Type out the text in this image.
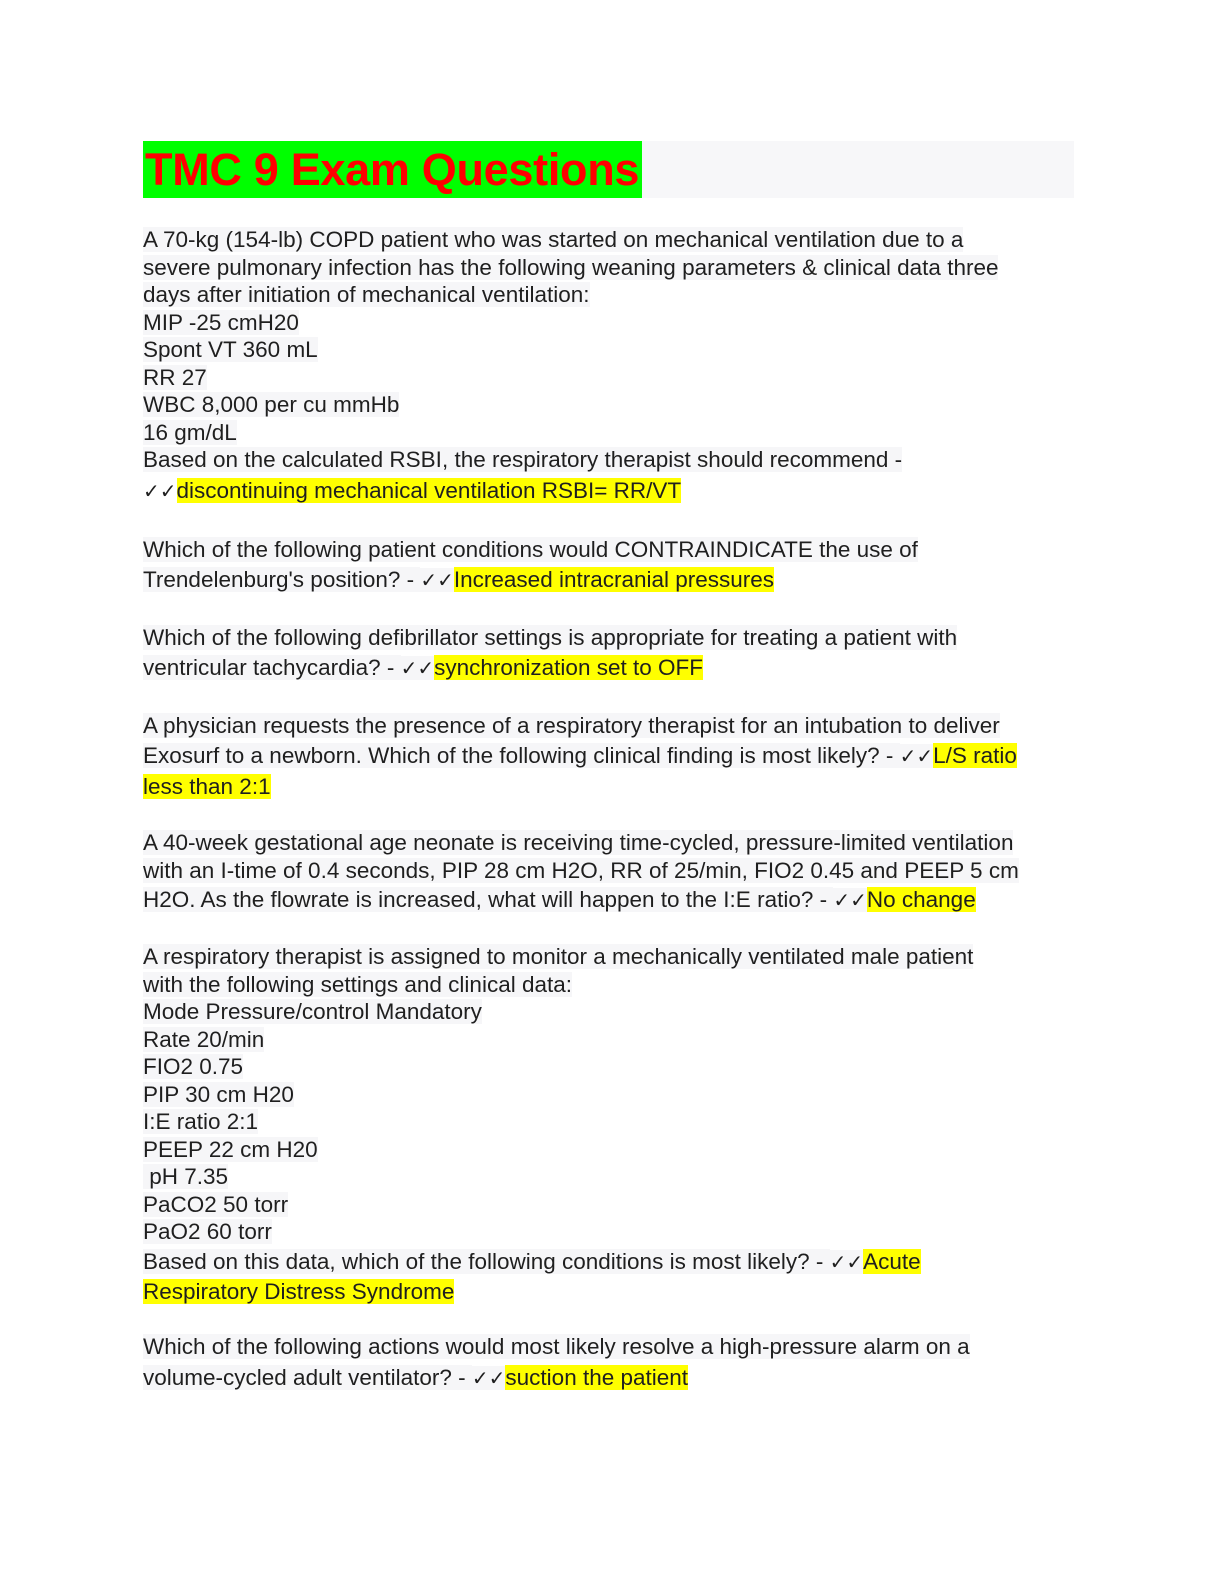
TMC 9 Exam Questions
A 70-kg (154-lb) COPD patient who was started on mechanical ventilation due to a
severe pulmonary infection has the following weaning parameters & clinical data three
days after initiation of mechanical ventilation:
MIP -25 cmH20
Spont VT 360 mL
RR 27
WBC 8,000 per cu mmHb
16 gm/dL
Based on the calculated RSBI, the respiratory therapist should recommend -
✓✓discontinuing mechanical ventilation RSBI= RR/VT
Which of the following patient conditions would CONTRAINDICATE the use of
Trendelenburg's position? - ✓✓Increased intracranial pressures
Which of the following defibrillator settings is appropriate for treating a patient with
ventricular tachycardia? - ✓✓synchronization set to OFF
A physician requests the presence of a respiratory therapist for an intubation to deliver
Exosurf to a newborn. Which of the following clinical finding is most likely? - ✓✓L/S ratio
less than 2:1
A 40-week gestational age neonate is receiving time-cycled, pressure-limited ventilation
with an I-time of 0.4 seconds, PIP 28 cm H2O, RR of 25/min, FIO2 0.45 and PEEP 5 cm
H2O. As the flowrate is increased, what will happen to the I:E ratio? - ✓✓No change
A respiratory therapist is assigned to monitor a mechanically ventilated male patient
with the following settings and clinical data:
Mode Pressure/control Mandatory
Rate 20/min
FIO2 0.75
PIP 30 cm H20
I:E ratio 2:1
PEEP 22 cm H20
pH 7.35
PaCO2 50 torr
PaO2 60 torr
Based on this data, which of the following conditions is most likely? - ✓✓Acute
Respiratory Distress Syndrome
Which of the following actions would most likely resolve a high-pressure alarm on a
volume-cycled adult ventilator? - ✓✓suction the patient
